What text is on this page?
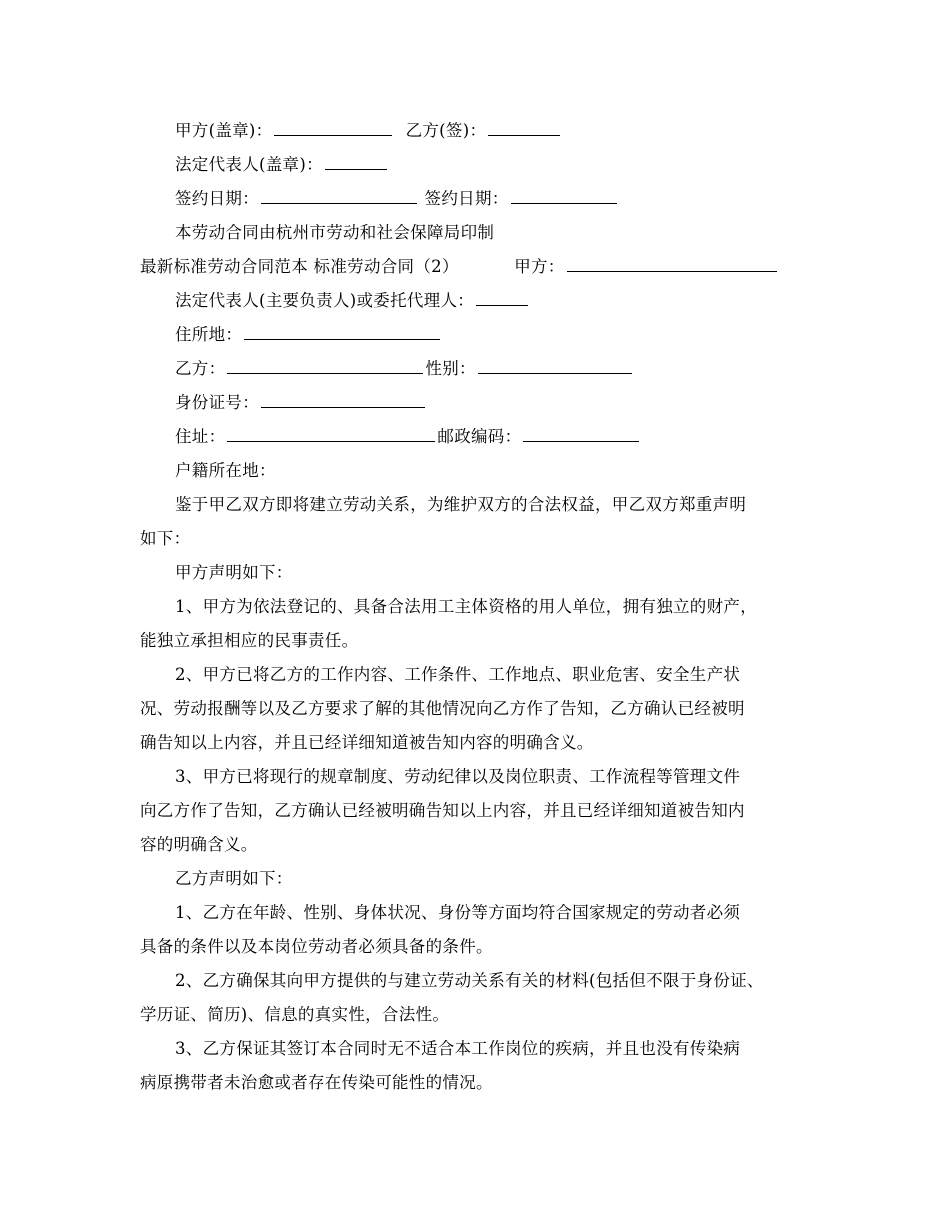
甲方(盖章)：	乙方(签)：
法定代表人(盖章)：
签约日期：	签约日期：
本劳动合同由杭州市劳动和社会保障局印制
最新标准劳动合同范本 标准劳动合同（2）	甲方：
法定代表人(主要负责人)或委托代理人：
住所地：
乙方：	性别：
身份证号：
住址：	邮政编码：
户籍所在地：
鉴于甲乙双方即将建立劳动关系，为维护双方的合法权益，甲乙双方郑重声明
如下：
甲方声明如下：
1、甲方为依法登记的、具备合法用工主体资格的用人单位，拥有独立的财产，
能独立承担相应的民事责任。
2、甲方已将乙方的工作内容、工作条件、工作地点、职业危害、安全生产状
况、劳动报酬等以及乙方要求了解的其他情况向乙方作了告知，乙方确认已经被明
确告知以上内容，并且已经详细知道被告知内容的明确含义。
3、甲方已将现行的规章制度、劳动纪律以及岗位职责、工作流程等管理文件
向乙方作了告知，乙方确认已经被明确告知以上内容，并且已经详细知道被告知内
容的明确含义。
乙方声明如下：
1、乙方在年龄、性别、身体状况、身份等方面均符合国家规定的劳动者必须
具备的条件以及本岗位劳动者必须具备的条件。
2、乙方确保其向甲方提供的与建立劳动关系有关的材料(包括但不限于身份证、
学历证、简历)、信息的真实性，合法性。
3、乙方保证其签订本合同时无不适合本工作岗位的疾病，并且也没有传染病
病原携带者未治愈或者存在传染可能性的情况。
